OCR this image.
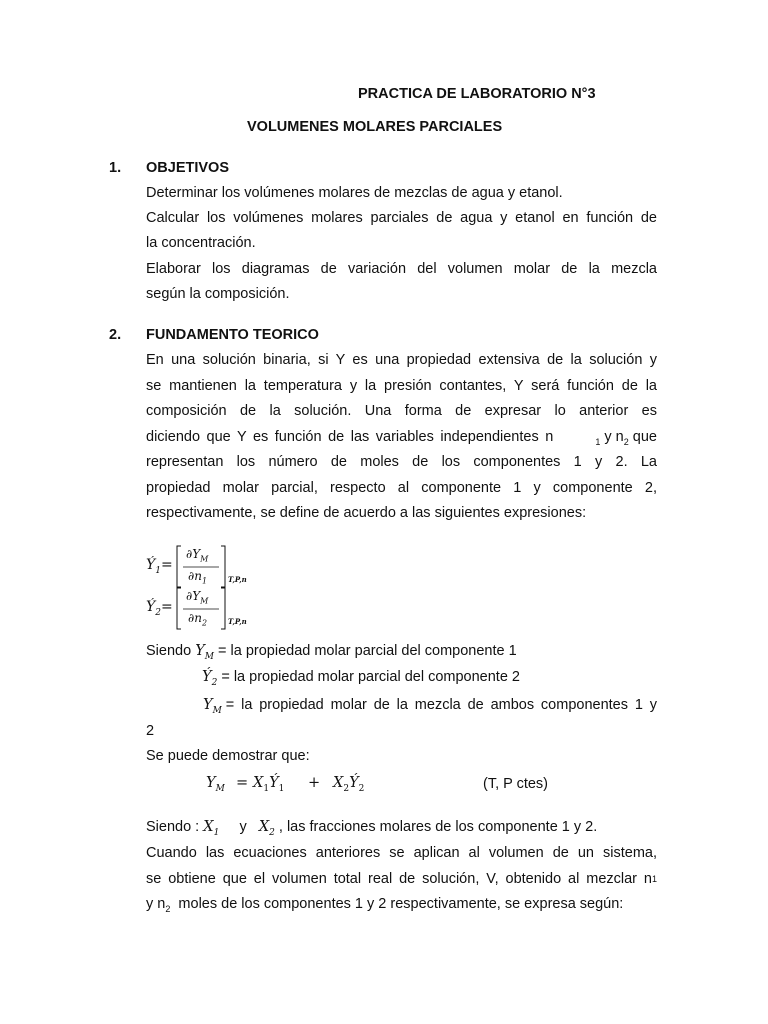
PRACTICA DE LABORATORIO N°3
VOLUMENES MOLARES PARCIALES
1. OBJETIVOS
Determinar los volúmenes molares de mezclas de agua y etanol.
Calcular los volúmenes molares parciales de agua y etanol en función de
la concentración.
Elaborar los diagramas de variación del volumen molar de la mezcla
según la composición.
2. FUNDAMENTO TEORICO
En una solución binaria, si Y es una propiedad extensiva de la solución y
se mantienen la temperatura y la presión contantes, Y será función de la
composición de la solución. Una forma de expresar lo anterior es
diciendo que Y es función de las variables independientes n	$_1$ y $n_2$ que
representan los número de moles de los componentes 1 y 2. La
propiedad molar parcial, respecto al componente 1 y componente 2,
respectivamente, se define de acuerdo a las siguientes expresiones:
$Ý_1=$
$\partial Y_M$
$\partial n_1$	T,P,n
$Ý_2=$
$\partial Y_M$
$\partial n_2$	T,P,n
Siendo $Y_M$ = la propiedad molar parcial del componente 1
$Ý_2$ = la propiedad molar parcial del componente 2
$Y_M$ = la propiedad molar de la mezcla de ambos componentes 1 y
2
Se puede demostrar que:
$Y_M$ = $X_1Ý_1$ + $X_2Ý_2$	(T, P ctes)
Siendo : $X_1$ y $X_2$ , las fracciones molares de los componente 1 y 2.
Cuando las ecuaciones anteriores se aplican al volumen de un sistema,
se obtiene que el volumen total real de solución, V, obtenido al mezclar n 1
y $n_2$ moles de los componentes 1 y 2 respectivamente, se expresa según:
